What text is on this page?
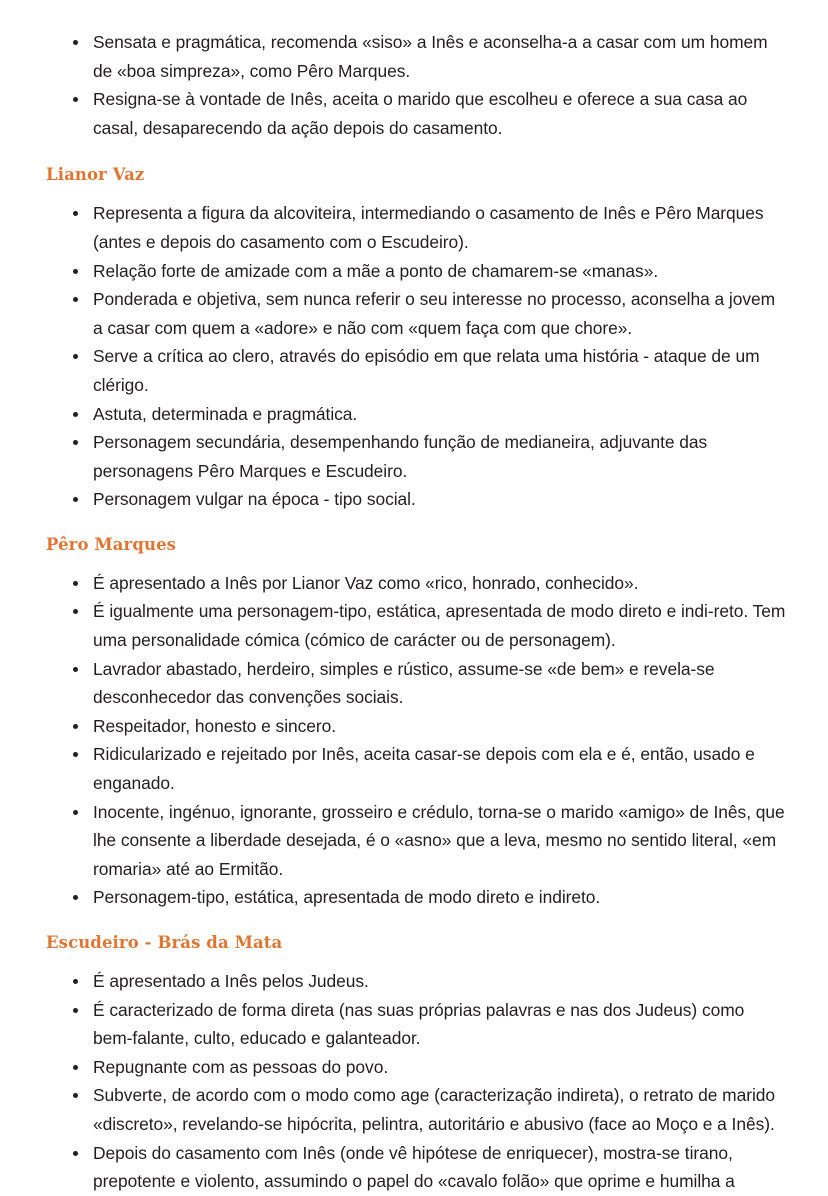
Sensata e pragmática, recomenda «siso» a Inês e aconselha-a a casar com um homem de «boa simpreza», como Pêro Marques.
Resigna-se à vontade de Inês, aceita o marido que escolheu e oferece a sua casa ao casal, desaparecendo da ação depois do casamento.
Lianor Vaz
Representa a figura da alcoviteira, intermediando o casamento de Inês e Pêro Marques (antes e depois do casamento com o Escudeiro).
Relação forte de amizade com a mãe a ponto de chamarem-se «manas».
Ponderada e objetiva, sem nunca referir o seu interesse no processo, aconselha a jovem a casar com quem a «adore» e não com «quem faça com que chore».
Serve a crítica ao clero, através do episódio em que relata uma história - ataque de um clérigo.
Astuta, determinada e pragmática.
Personagem secundária, desempenhando função de medianeira, adjuvante das personagens Pêro Marques e Escudeiro.
Personagem vulgar na época - tipo social.
Pêro Marques
É apresentado a Inês por Lianor Vaz como «rico, honrado, conhecido».
É igualmente uma personagem-tipo, estática, apresentada de modo direto e indi-reto. Tem uma personalidade cómica (cómico de carácter ou de personagem).
Lavrador abastado, herdeiro, simples e rústico, assume-se «de bem» e revela-se desconhecedor das convenções sociais.
Respeitador, honesto e sincero.
Ridicularizado e rejeitado por Inês, aceita casar-se depois com ela e é, então, usado e enganado.
Inocente, ingénuo, ignorante, grosseiro e crédulo, torna-se o marido «amigo» de Inês, que lhe consente a liberdade desejada, é o «asno» que a leva, mesmo no sentido literal, «em romaria» até ao Ermitão.
Personagem-tipo, estática, apresentada de modo direto e indireto.
Escudeiro - Brás da Mata
É apresentado a Inês pelos Judeus.
É caracterizado de forma direta (nas suas próprias palavras e nas dos Judeus) como bem-falante, culto, educado e galanteador.
Repugnante com as pessoas do povo.
Subverte, de acordo com o modo como age (caracterização indireta), o retrato de marido «discreto», revelando-se hipócrita, pelintra, autoritário e abusivo (face ao Moço e a Inês).
Depois do casamento com Inês (onde vê hipótese de enriquecer), mostra-se tirano, prepotente e violento, assumindo o papel do «cavalo folão» que oprime e humilha a
